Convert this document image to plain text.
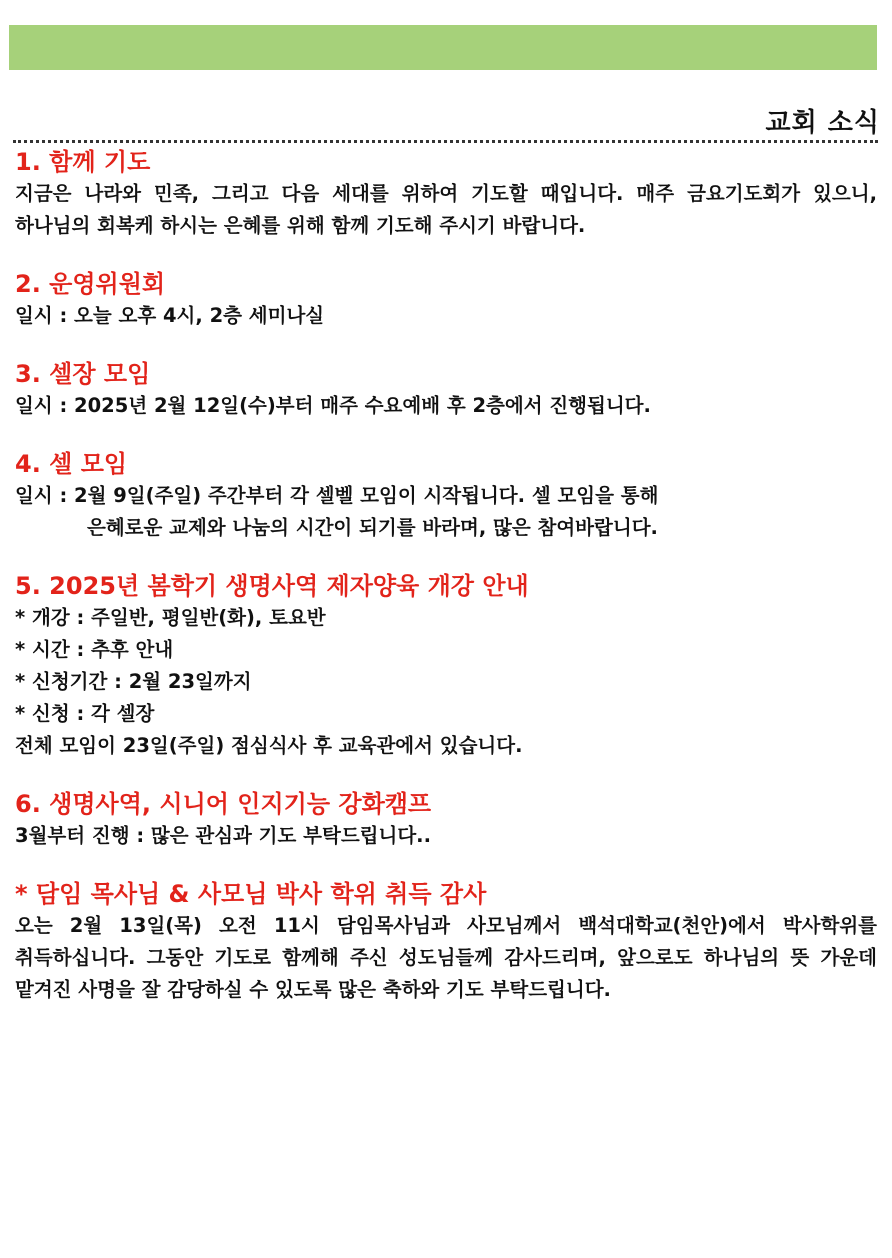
교회 소식
1. 함께 기도
지금은 나라와 민족, 그리고 다음 세대를 위하여 기도할 때입니다. 매주 금요기도회가 있으니, 하나님의 회복케 하시는 은혜를 위해 함께 기도해 주시기 바랍니다.
2. 운영위원회
일시 : 오늘 오후 4시, 2층 세미나실
3. 셀장 모임
일시 : 2025년 2월 12일(수)부터 매주 수요예배 후 2층에서 진행됩니다.
4. 셀 모임
일시 : 2월 9일(주일) 주간부터 각 셀벨 모임이 시작됩니다. 셀 모임을 통해
은혜로운 교제와 나눔의 시간이 되기를 바라며, 많은 참여바랍니다.
5. 2025년 봄학기 생명사역 제자양육 개강 안내
* 개강 : 주일반, 평일반(화), 토요반
* 시간 : 추후 안내
* 신청기간 : 2월 23일까지
* 신청 : 각 셀장
전체 모임이 23일(주일) 점심식사 후 교육관에서 있습니다.
6. 생명사역, 시니어 인지기능 강화캠프
3월부터 진행 : 많은 관심과 기도 부탁드립니다..
* 담임 목사님 & 사모님 박사 학위 취득 감사
오는 2월 13일(목) 오전 11시 담임목사님과 사모님께서 백석대학교(천안)에서 박사학위를 취득하십니다. 그동안 기도로 함께해 주신 성도님들께 감사드리며, 앞으로도 하나님의 뜻 가운데 맡겨진 사명을 잘 감당하실 수 있도록 많은 축하와 기도 부탁드립니다.
